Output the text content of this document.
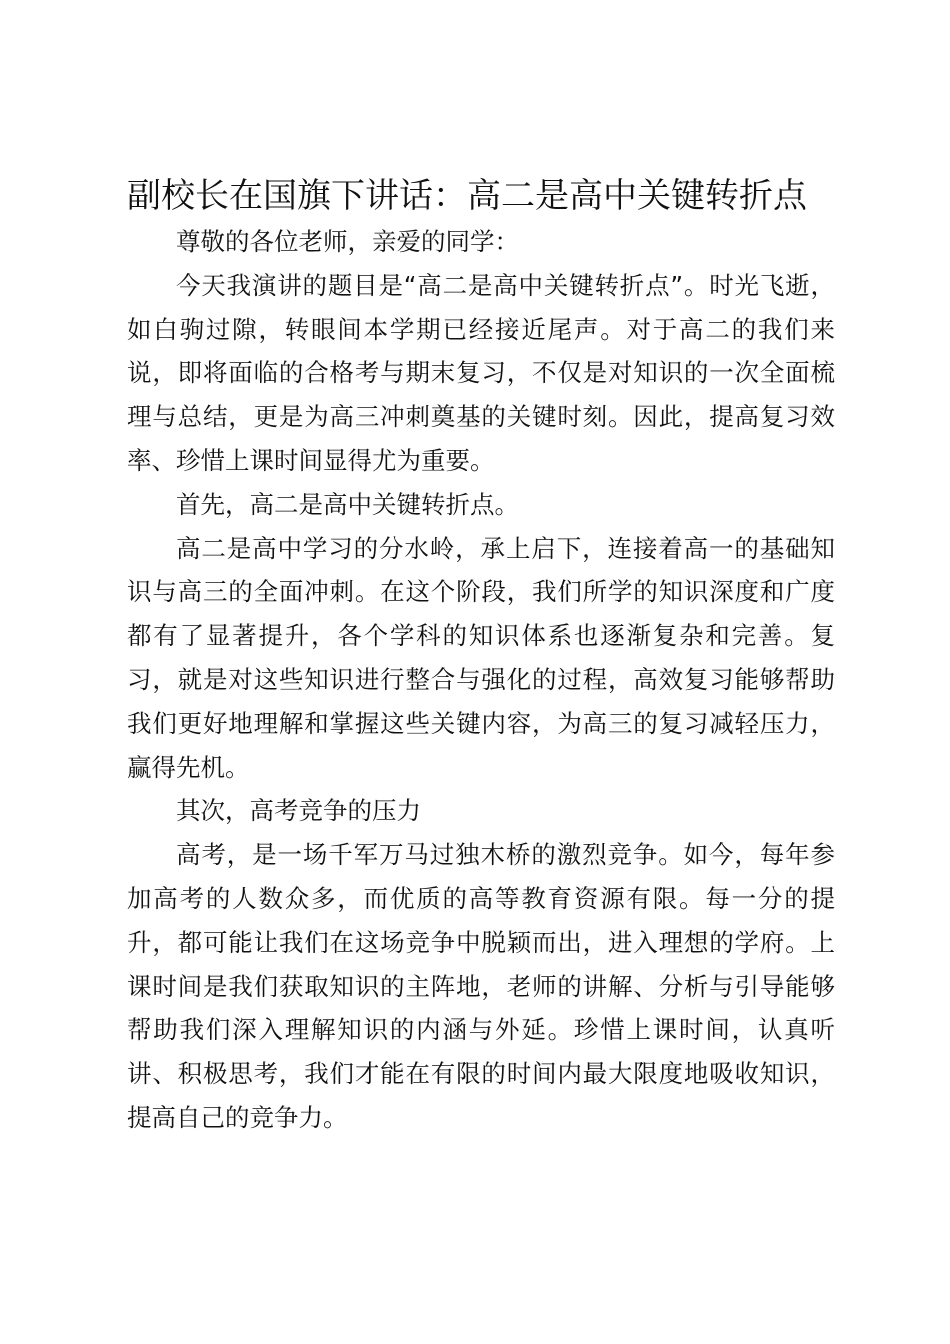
副校长在国旗下讲话：高二是高中关键转折点

尊敬的各位老师，亲爱的同学：

今天我演讲的题目是“高二是高中关键转折点”。时光飞逝，如白驹过隙，转眼间本学期已经接近尾声。对于高二的我们来说，即将面临的合格考与期末复习，不仅是对知识的一次全面梳理与总结，更是为高三冲刺奠基的关键时刻。因此，提高复习效率、珍惜上课时间显得尤为重要。

首先，高二是高中关键转折点。

高二是高中学习的分水岭，承上启下，连接着高一的基础知识与高三的全面冲刺。在这个阶段，我们所学的知识深度和广度都有了显著提升，各个学科的知识体系也逐渐复杂和完善。复习，就是对这些知识进行整合与强化的过程，高效复习能够帮助我们更好地理解和掌握这些关键内容，为高三的复习减轻压力，赢得先机。

其次，高考竞争的压力

高考，是一场千军万马过独木桥的激烈竞争。如今，每年参加高考的人数众多，而优质的高等教育资源有限。每一分的提升，都可能让我们在这场竞争中脱颖而出，进入理想的学府。上课时间是我们获取知识的主阵地，老师的讲解、分析与引导能够帮助我们深入理解知识的内涵与外延。珍惜上课时间，认真听讲、积极思考，我们才能在有限的时间内最大限度地吸收知识，提高自己的竞争力。
